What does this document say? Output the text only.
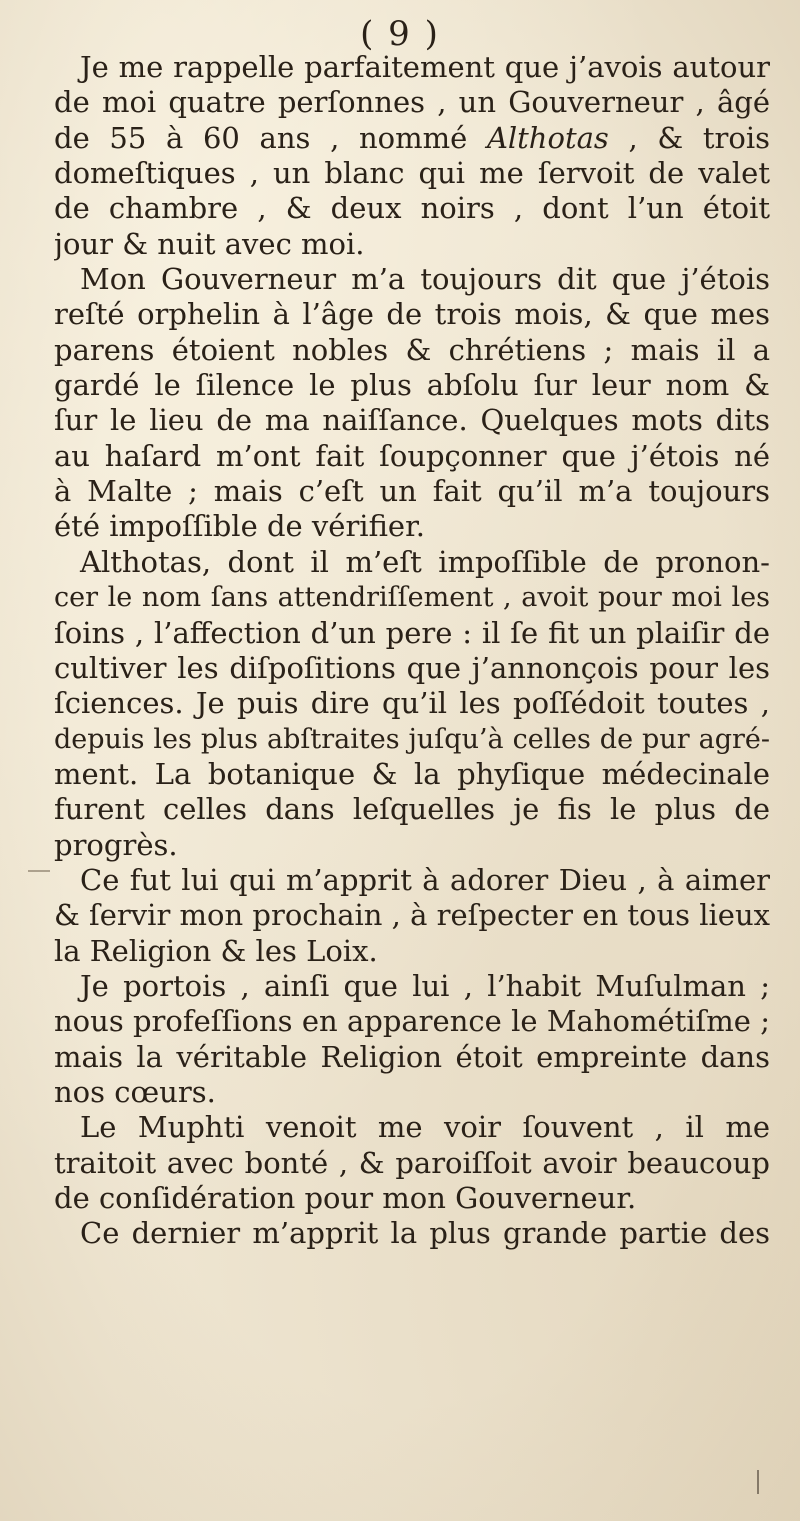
( 9 )
Je me rappelle parfaitement que j’avois autour
de moi quatre perſonnes , un Gouverneur , âgé
de 55 à 60 ans , nommé Althotas , & trois
domeſtiques , un blanc qui me ſervoit de valet
de chambre , & deux noirs , dont l’un étoit
jour & nuit avec moi.
Mon Gouverneur m’a toujours dit que j’étois
reſté orphelin à l’âge de trois mois, & que mes
parens étoient nobles & chrétiens ; mais il a
gardé le ſilence le plus abſolu ſur leur nom &
ſur le lieu de ma naiſſance. Quelques mots dits
au haſard m’ont fait ſoupçonner que j’étois né
à Malte ; mais c’eſt un fait qu’il m’a toujours
été impoſſible de vérifier.
Althotas, dont il m’eſt impoſſible de pronon-
cer le nom ſans attendriſſement , avoit pour moi les
ſoins , l’affection d’un pere : il ſe fit un plaiſir de
cultiver les diſpoſitions que j’annonçois pour les
ſciences. Je puis dire qu’il les poſſédoit toutes ,
depuis les plus abſtraites juſqu’à celles de pur agré-
ment. La botanique & la phyſique médecinale
furent celles dans leſquelles je fis le plus de
progrès.
Ce fut lui qui m’apprit à adorer Dieu , à aimer
& ſervir mon prochain , à reſpecter en tous lieux
la Religion & les Loix.
Je portois , ainſi que lui , l’habit Muſulman ;
nous profeſſions en apparence le Mahométiſme ;
mais la véritable Religion étoit empreinte dans
nos cœurs.
Le Muphti venoit me voir ſouvent , il me
traitoit avec bonté , & paroiſſoit avoir beaucoup
de conſidération pour mon Gouverneur.
Ce dernier m’apprit la plus grande partie des
